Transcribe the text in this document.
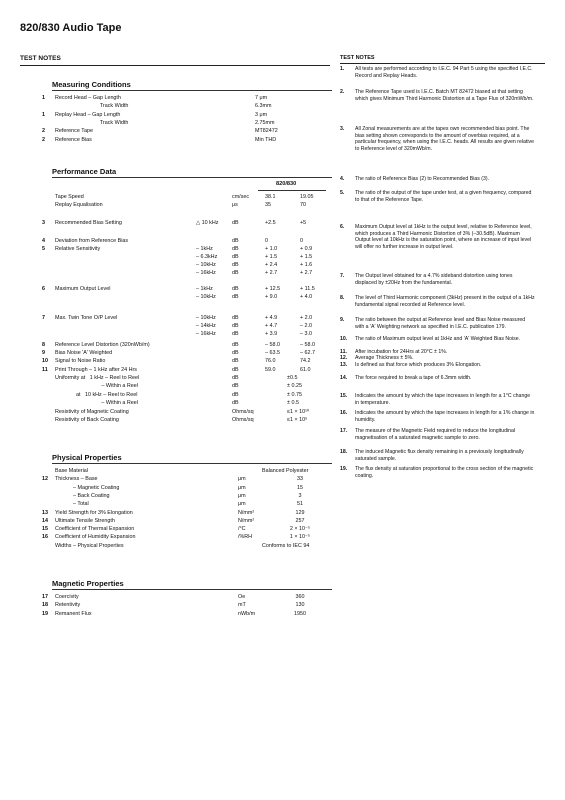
820/830 Audio Tape
TEST NOTES
Measuring Conditions
1 Record Head – Gap Length	7 μm
Track Width	6.3mm
1 Replay Head – Gap Length	3 μm
Track Width	2.75mm
2 Reference Tape	MT82472
2 Reference Bias	Min THD
Performance Data
820/830
Tape Speed	cm/sec	38.1	19.05
Replay Equalisation	μs	35	70
3 Recommended Bias Setting	△ 10 kHz	dB	+2.5	+5
4 Deviation from Reference Bias	dB	0	0
5 Relative Sensitivity	– 1kHz	dB	+ 1.0	+ 0.9
– 6.3kHz	dB	+ 1.5	+ 1.5
– 10kHz	dB	+ 2.4	+ 1.6
– 16kHz	dB	+ 2.7	+ 2.7
6 Maximum Output Level	– 1kHz	dB	+ 12.5	+ 11.5
– 10kHz	dB	+ 9.0	+ 4.0
7 Max. Twin Tone O/P Level	– 10kHz	dB	+ 4.9	+ 2.0
– 14kHz	dB	+ 4.7	– 2.0
– 16kHz	dB	+ 3.9	– 3.0
8 Reference Level Distortion (320nWb/m)	dB	– 58.0	– 58.0
9 Bias Noise 'A' Weighted	dB	– 63.5	– 62.7
10 Signal to Noise Ratio	dB	76.0	74.2
11 Print Through – 1 kHz after 24 Hrs	dB	59.0	61.0
Uniformity at   1 kHz – Reel to Reel	dB	±0.5
– Within a Reel	dB	± 0.25
at   10 kHz – Reel to Reel	dB	± 0.75
– Within a Reel	dB	± 0.5
Resistivity of Magnetic Coating	Ohms/sq	≤1 × 10¹⁰
Resistivity of Back Coating	Ohms/sq	≤1 × 10⁶
Physical Properties
Base Material	Balanced Polyester
12 Thickness – Base	μm	33
– Magnetic Coating	μm	15
– Back Coating	μm	3
– Total	μm	51
13 Yield Strength for 3% Elongation	N/mm²	129
14 Ultimate Tensile Strength	N/mm²	257
15 Coefficient of Thermal Expansion	/°C	2 × 10⁻⁵
16 Coefficient of Humidity Expansion	/%RH	1 × 10⁻⁵
Widths – Physical Properties	Conforms to IEC 94
Magnetic Properties
17 Coercivity	Oe	360
18 Retentivity	mT	130
19 Remanent Flux	nWb/m	1950
TEST NOTES
1. All tests are performed according to I.E.C. 94 Part 5 using the specified I.E.C. Record and Replay Heads.
2. The Reference Tape used is I.E.C. Batch MT 82472 biased at that setting which gives Minimum Third Harmonic Distortion at a Tape Flux of 320mWb/m.
3. All Zonal measurements are at the tapes own recommended bias point. The bias setting shown corresponds to the amount of overbias required, at a particular frequency, when using the I.E.C. heads. All results are given relative to Reference level of 320mWb/m.
4. The ratio of Reference Bias (2) to Recommended Bias (3).
5. The ratio of the output of the tape under test, at a given frequency, compared to that of the Reference Tape.
6. Maximum Output level at 1kHz is the output level, relative to Reference level, which produces a Third Harmonic Distortion of 3% (–30.5dB). Maximum Output level at 10kHz is the saturation point, where an increase of input level will offer no further increase in output level.
7. The Output level obtained for a 4.7% sideband distortion using tones displaced by ±20Hz from the fundamental.
8. The level of Third Harmonic component (3kHz) present in the output of a 1kHz fundamental signal recorded at Reference level.
9. The ratio between the output at Reference level and Bias Noise measured with a 'A' Weighting network as specified in I.E.C. publication 179.
10. The ratio of Maximum output level at 1kHz and 'A' Weighted Bias Noise.
11. After incubation for 24Hrs at 20°C ± 1%.
12. Average Thickness ± 5%.
13. Is defined as that force which produces 3% Elongation.
14. The force required to break a tape of 6.3mm width.
15. Indicates the amount by which the tape increases in length for a 1°C change in temperature.
16. Indicates the amount by which the tape increases in length for a 1% change in humidity.
17. The measure of the Magnetic Field required to reduce the longitudinal magnetisation of a saturated magnetic sample to zero.
18. The induced Magnetic flux density remaining in a previously longitudinally saturated sample.
19. The flux density at saturation proportional to the cross section of the magnetic coating.
